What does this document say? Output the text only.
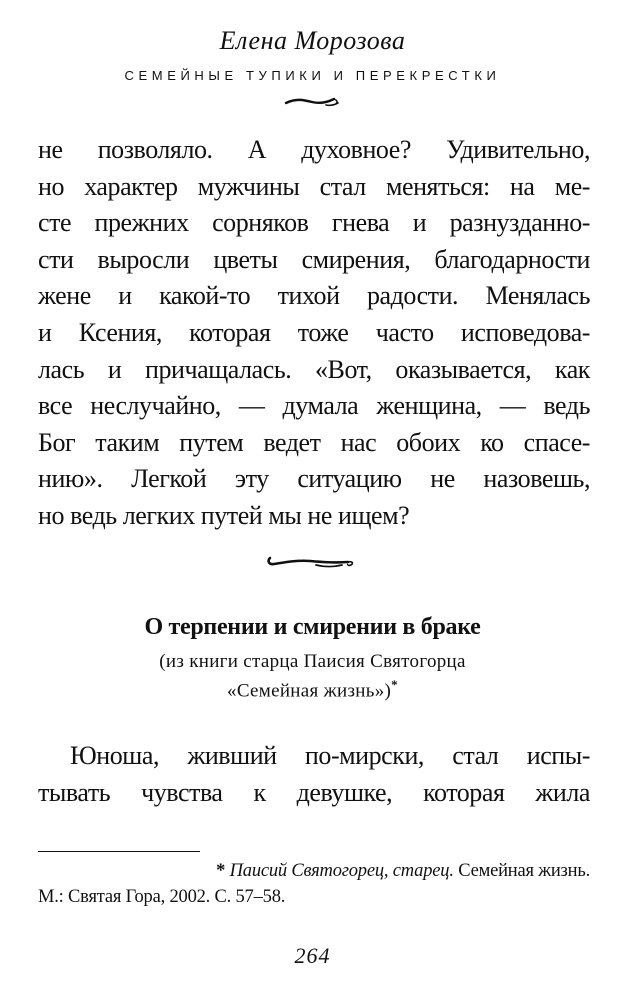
Елена Морозова
СЕМЕЙНЫЕ ТУПИКИ И ПЕРЕКРЕСТКИ
не позволяло. А духовное? Удивительно,
но характер мужчины стал меняться: на ме-
сте прежних сорняков гнева и разнузданно-
сти выросли цветы смирения, благодарности
жене и какой-то тихой радости. Менялась
и Ксения, которая тоже часто исповедова-
лась и причащалась. «Вот, оказывается, как
все неслучайно, — думала женщина, — ведь
Бог таким путем ведет нас обоих ко спасе-
нию». Легкой эту ситуацию не назовешь,
но ведь легких путей мы не ищем?
О терпении и смирении в браке
(из книги старца Паисия Святогорца
«Семейная жизнь»)*
Юноша, живший по-мирски, стал испы-
тывать чувства к девушке, которая жила
* Паисий Святогорец, старец. Семейная жизнь.
М.: Святая Гора, 2002. С. 57–58.
264
